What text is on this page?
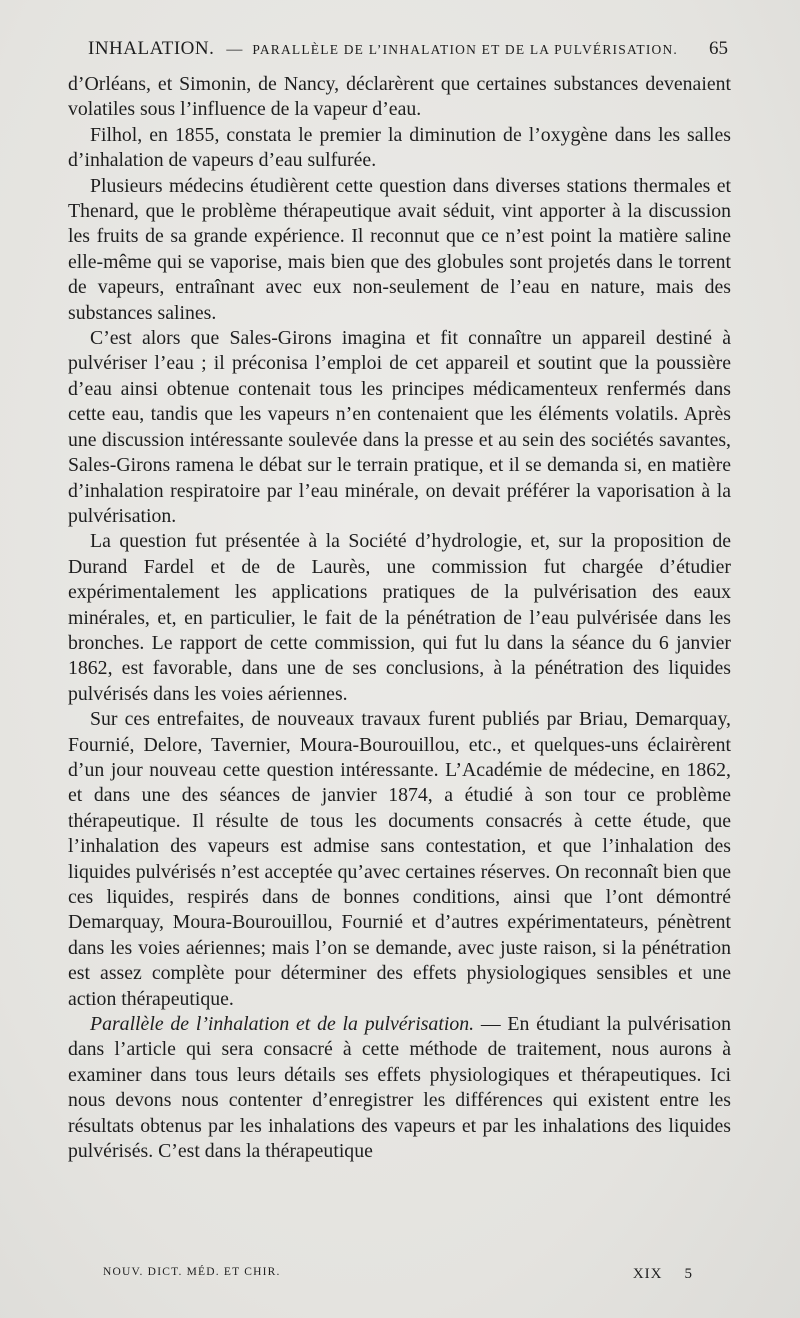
INHALATION. — PARALLÈLE DE L’INHALATION ET DE LA PULVÉRISATION.	65

d’Orléans, et Simonin, de Nancy, déclarèrent que certaines substances devenaient volatiles sous l’influence de la vapeur d’eau.

Filhol, en 1855, constata le premier la diminution de l’oxygène dans les salles d’inhalation de vapeurs d’eau sulfurée.

Plusieurs médecins étudièrent cette question dans diverses stations thermales et Thenard, que le problème thérapeutique avait séduit, vint apporter à la discussion les fruits de sa grande expérience. Il reconnut que ce n’est point la matière saline elle-même qui se vaporise, mais bien que des globules sont projetés dans le torrent de vapeurs, entraînant avec eux non-seulement de l’eau en nature, mais des substances salines.

C’est alors que Sales-Girons imagina et fit connaître un appareil destiné à pulvériser l’eau ; il préconisa l’emploi de cet appareil et soutint que la poussière d’eau ainsi obtenue contenait tous les principes médicamenteux renfermés dans cette eau, tandis que les vapeurs n’en contenaient que les éléments volatils. Après une discussion intéressante soulevée dans la presse et au sein des sociétés savantes, Sales-Girons ramena le débat sur le terrain pratique, et il se demanda si, en matière d’inhalation respiratoire par l’eau minérale, on devait préférer la vaporisation à la pulvérisation.

La question fut présentée à la Société d’hydrologie, et, sur la proposition de Durand Fardel et de de Laurès, une commission fut chargée d’étudier expérimentalement les applications pratiques de la pulvérisation des eaux minérales, et, en particulier, le fait de la pénétration de l’eau pulvérisée dans les bronches. Le rapport de cette commission, qui fut lu dans la séance du 6 janvier 1862, est favorable, dans une de ses conclusions, à la pénétration des liquides pulvérisés dans les voies aériennes.

Sur ces entrefaites, de nouveaux travaux furent publiés par Briau, Demarquay, Fournié, Delore, Tavernier, Moura-Bourouillou, etc., et quelques-uns éclairèrent d’un jour nouveau cette question intéressante. L’Académie de médecine, en 1862, et dans une des séances de janvier 1874, a étudié à son tour ce problème thérapeutique. Il résulte de tous les documents consacrés à cette étude, que l’inhalation des vapeurs est admise sans contestation, et que l’inhalation des liquides pulvérisés n’est acceptée qu’avec certaines réserves. On reconnaît bien que ces liquides, respirés dans de bonnes conditions, ainsi que l’ont démontré Demarquay, Moura-Bourouillou, Fournié et d’autres expérimentateurs, pénètrent dans les voies aériennes; mais l’on se demande, avec juste raison, si la pénétration est assez complète pour déterminer des effets physiologiques sensibles et une action thérapeutique.

Parallèle de l’inhalation et de la pulvérisation. — En étudiant la pulvérisation dans l’article qui sera consacré à cette méthode de traitement, nous aurons à examiner dans tous leurs détails ses effets physiologiques et thérapeutiques. Ici nous devons nous contenter d’enregistrer les différences qui existent entre les résultats obtenus par les inhalations des vapeurs et par les inhalations des liquides pulvérisés. C’est dans la thérapeutique

NOUV. DICT. MÉD. ET CHIR.	XIX 5
